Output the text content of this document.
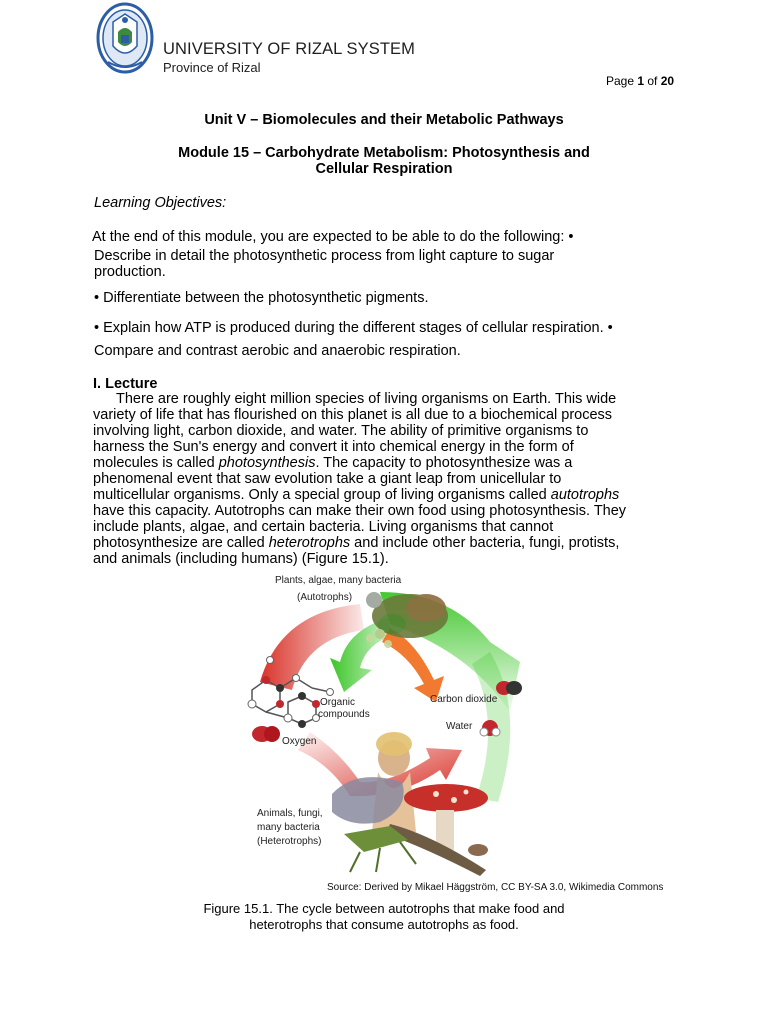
UNIVERSITY OF RIZAL SYSTEM
Province of Rizal
Page 1 of 20
Unit V – Biomolecules and their Metabolic Pathways
Module 15 – Carbohydrate Metabolism: Photosynthesis and
Cellular Respiration
Learning Objectives:
At the end of this module, you are expected to be able to do the following: •
Describe in detail the photosynthetic process from light capture to sugar
production.
• Differentiate between the photosynthetic pigments.
• Explain how ATP is produced during the different stages of cellular respiration. •
Compare and contrast aerobic and anaerobic respiration.
I. Lecture
There are roughly eight million species of living organisms on Earth. This wide
variety of life that has flourished on this planet is all due to a biochemical process
involving light, carbon dioxide, and water. The ability of primitive organisms to
harness the Sun's energy and convert it into chemical energy in the form of
molecules is called photosynthesis. The capacity to photosynthesize was a
phenomenal event that saw evolution take a giant leap from unicellular to
multicellular organisms. Only a special group of living organisms called autotrophs
have this capacity. Autotrophs can make their own food using photosynthesis. They
include plants, algae, and certain bacteria. Living organisms that cannot
photosynthesize are called heterotrophs and include other bacteria, fungi, protists,
and animals (including humans) (Figure 15.1).
Plants, algae, many bacteria
(Autotrophs)
Organic
compounds
Carbon dioxide
Water
Oxygen
Animals, fungi,
many bacteria
(Heterotrophs)
Source: Derived by Mikael Häggström, CC BY-SA 3.0, Wikimedia Commons
Figure 15.1. The cycle between autotrophs that make food and
heterotrophs that consume autotrophs as food.
